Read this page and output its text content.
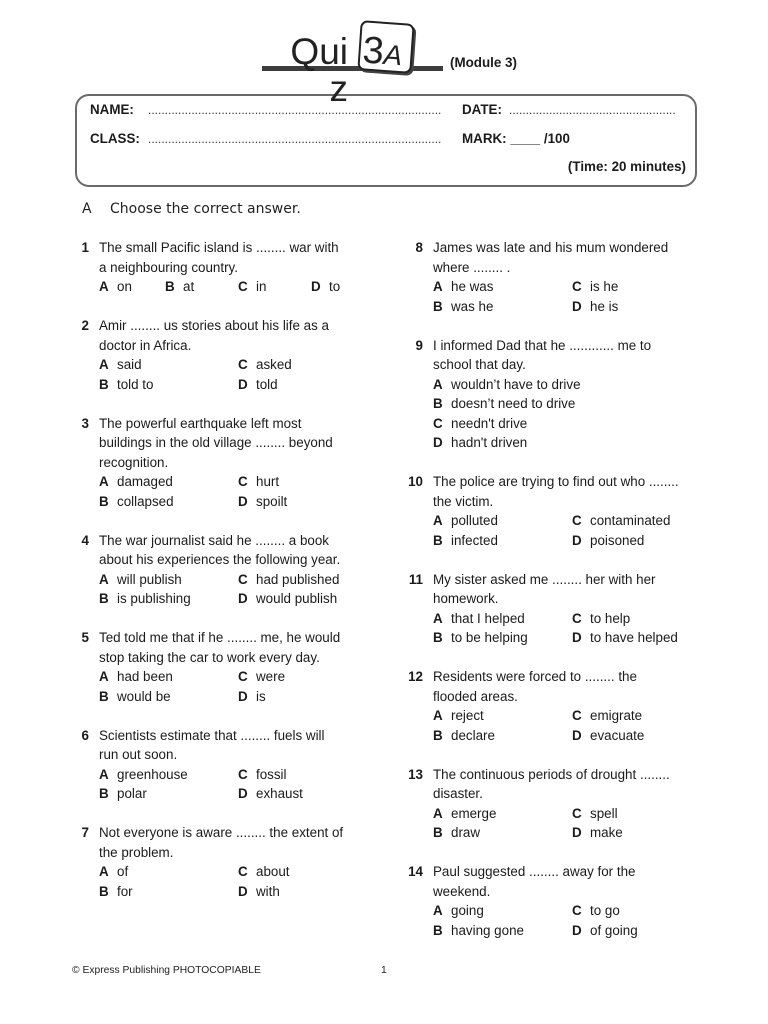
Quiz
3
A	(Module 3)
NAME: ........................................................................................ DATE: ..................................................
CLASS: ........................................................................................ MARK: ____ /100
(Time: 20 minutes)
A Choose the correct answer.
1 The small Pacific island is ........ war with
a neighbouring country.
A on	B at	C in	D to
2 Amir ........ us stories about his life as a
doctor in Africa.
A said	C asked
B told to	D told
3 The powerful earthquake left most
buildings in the old village ........ beyond
recognition.
A damaged	C hurt
B collapsed	D spoilt
4 The war journalist said he ........ a book
about his experiences the following year.
A will publish	C had published
B is publishing	D would publish
5 Ted told me that if he ........ me, he would
stop taking the car to work every day.
A had been	C were
B would be	D is
6 Scientists estimate that ........ fuels will
run out soon.
A greenhouse	C fossil
B polar	D exhaust
7 Not everyone is aware ........ the extent of
the problem.
A of	C about
B for	D with
8 James was late and his mum wondered
where ........ .
A he was	C is he
B was he	D he is
9 I informed Dad that he ............ me to
school that day.
A wouldn’t have to drive
B doesn’t need to drive
C needn't drive
D hadn't driven
10 The police are trying to find out who ........
the victim.
A polluted	C contaminated
B infected	D poisoned
11 My sister asked me ........ her with her
homework.
A that I helped	C to help
B to be helping	D to have helped
12 Residents were forced to ........ the
flooded areas.
A reject	C emigrate
B declare	D evacuate
13 The continuous periods of drought ........
disaster.
A emerge	C spell
B draw	D make
14 Paul suggested ........ away for the
weekend.
A going	C to go
B having gone	D of going
© Express Publishing PHOTOCOPIABLE	1
